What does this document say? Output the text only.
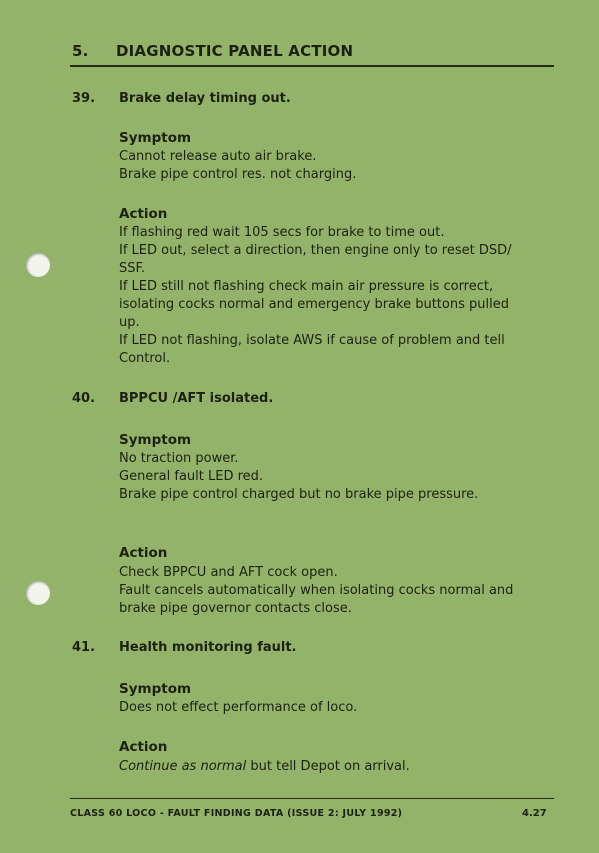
5. DIAGNOSTIC PANEL ACTION
39. Brake delay timing out.
Symptom
Cannot release auto air brake.
Brake pipe control res. not charging.
Action
If flashing red wait 105 secs for brake to time out.
If LED out, select a direction, then engine only to reset DSD/
SSF.
If LED still not flashing check main air pressure is correct,
isolating cocks normal and emergency brake buttons pulled
up.
If LED not flashing, isolate AWS if cause of problem and tell
Control.
40. BPPCU /AFT isolated.
Symptom
No traction power.
General fault LED red.
Brake pipe control charged but no brake pipe pressure.
Action
Check BPPCU and AFT cock open.
Fault cancels automatically when isolating cocks normal and
brake pipe governor contacts close.
41. Health monitoring fault.
Symptom
Does not effect performance of loco.
Action
Continue as normal but tell Depot on arrival.
CLASS 60 LOCO - FAULT FINDING DATA (ISSUE 2: JULY 1992)	4.27
